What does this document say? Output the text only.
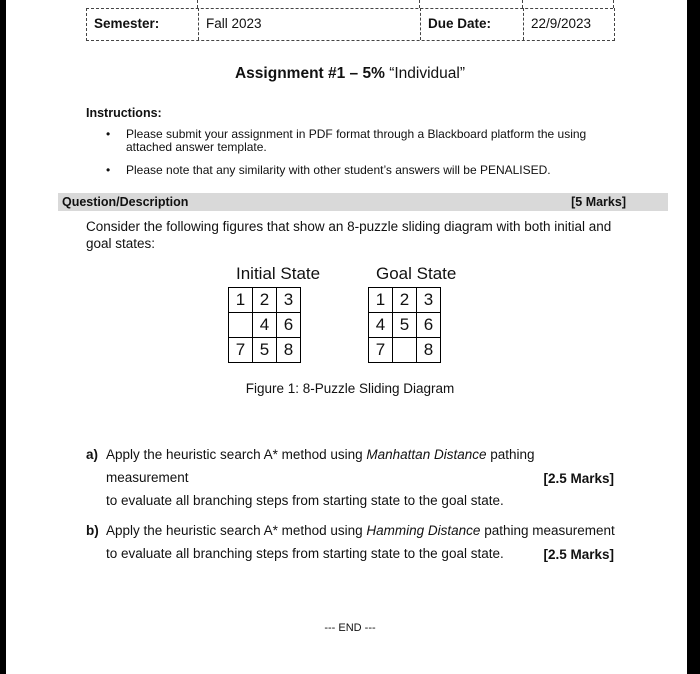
Semester:	Fall 2023	Due Date:	22/9/2023
Assignment #1 – 5% “Individual”
Instructions:
• Please submit your assignment in PDF format through a Blackboard platform the using attached answer template.
• Please note that any similarity with other student’s answers will be PENALISED.
Question/Description	[5 Marks]
Consider the following figures that show an 8-puzzle sliding diagram with both initial and goal states:
Initial State
1	2	3
	4	6
7	5	8
Goal State
1	2	3
4	5	6
7		8
Figure 1: 8-Puzzle Sliding Diagram
a) Apply the heuristic search A* method using Manhattan Distance pathing measurement
to evaluate all branching steps from starting state to the goal state.
[2.5 Marks]
b) Apply the heuristic search A* method using Hamming Distance pathing measurement
to evaluate all branching steps from starting state to the goal state.	[2.5 Marks]
--- END ---
